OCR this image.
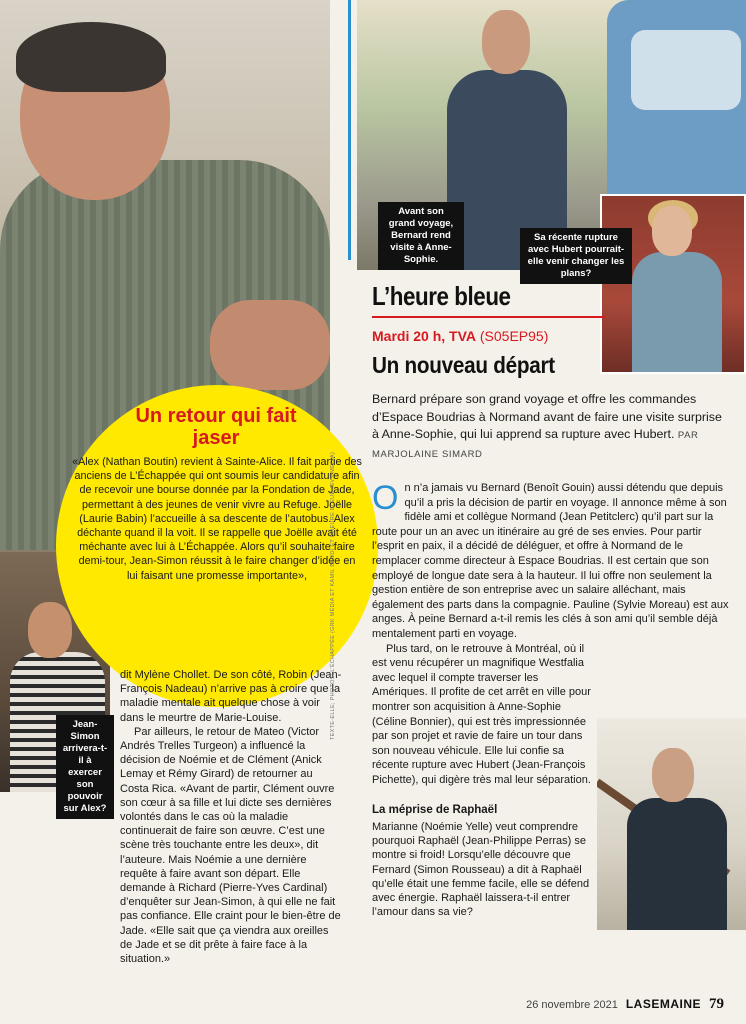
Avant son grand voyage, Bernard rend visite à Anne-Sophie.
Sa récente rupture avec Hubert pourrait-elle venir changer les plans?
Jean-Simon arrivera-t-il à exercer son pouvoir sur Alex?
Un retour qui fait jaser
«Alex (Nathan Boutin) revient à Sainte-Alice. Il fait partie des anciens de L’Échappée qui ont soumis leur candidature afin de recevoir une bourse donnée par la Fondation de Jade, permettant à des jeunes de venir vivre au Refuge. Joëlle (Laurie Babin) l’accueille à sa descente de l’autobus. Alex déchante quand il la voit. Il se rappelle que Joëlle avait été méchante avec lui à L’Échappée. Alors qu’il souhaite faire demi-tour, Jean-Simon réussit à le faire changer d’idée en lui faisant une promesse importante»,

dit Mylène Chollet. De son côté, Robin (Jean-François Nadeau) n’arrive pas à croire que la maladie mentale ait quelque chose à voir dans le meurtre de Marie-Louise.

Par ailleurs, le retour de Mateo (Victor Andrés Trelles Turgeon) a influencé la décision de Noémie et de Clément (Anick Lemay et Rémy Girard) de retourner au Costa Rica. «Avant de partir, Clément ouvre son cœur à sa fille et lui dicte ses dernières volontés dans le cas où la maladie continuerait de faire son œuvre. C’est une scène très touchante entre les deux», dit l’auteure. Mais Noémie a une dernière requête à faire avant son départ. Elle demande à Richard (Pierre-Yves Cardinal) d’enquêter sur Jean-Simon, à qui elle ne fait pas confiance. Elle craint pour le bien-être de Jade. «Elle sait que ça viendra aux oreilles de Jade et se dit prête à faire face à la situation.»

L’heure bleue
Mardi 20 h, TVA (S05EP95)
Un nouveau départ
Bernard prépare son grand voyage et offre les commandes d’Espace Boudrias à Normand avant de faire une visite surprise à Anne-Sophie, qui lui apprend sa rupture avec Hubert. PAR MARJOLAINE SIMARD

On n’a jamais vu Bernard (Benoît Gouin) aussi détendu que depuis qu’il a pris la décision de partir en voyage. Il annonce même à son fidèle ami et collègue Normand (Jean Petitclerc) qu’il part sur la route pour un an avec un itinéraire au gré de ses envies. Pour partir l’esprit en paix, il a décidé de déléguer, et offre à Normand de le remplacer comme directeur à Espace Boudrias. Il est certain que son employé de longue date sera à la hauteur. Il lui offre non seulement la gestion entière de son entreprise avec un salaire alléchant, mais également des parts dans la compagnie. Pauline (Sylvie Moreau) est aux anges. À peine Bernard a-t-il remis les clés à son ami qu’il semble déjà mentalement parti en voyage.

Plus tard, on le retrouve à Montréal, où il est venu récupérer un magnifique Westfalia avec lequel il compte traverser les Amériques. Il profite de cet arrêt en ville pour montrer son acquisition à Anne-Sophie (Céline Bonnier), qui est très impressionnée par son projet et ravie de faire un tour dans son nouveau véhicule. Elle lui confie sa récente rupture avec Hubert (Jean-François Pichette), qui digère très mal leur séparation.

La méprise de Raphaël
Marianne (Noémie Yelle) veut comprendre pourquoi Raphaël (Jean-Philippe Perras) se montre si froid! Lorsqu’elle découvre que Fernard (Simon Rousseau) a dit à Raphaël qu’elle était une femme facile, elle se défend avec énergie. Raphaël laissera-t-il entrer l’amour dans sa vie?
TEXTE-ELLE; PHOTOS: L’ÉCHAPPÉE (GRK MÉDIA ET KAMIL BEDDI ET L’HEURE BLEUE (SVS MÉDIA)
26 novembre 2021 LASEMAINE 79
